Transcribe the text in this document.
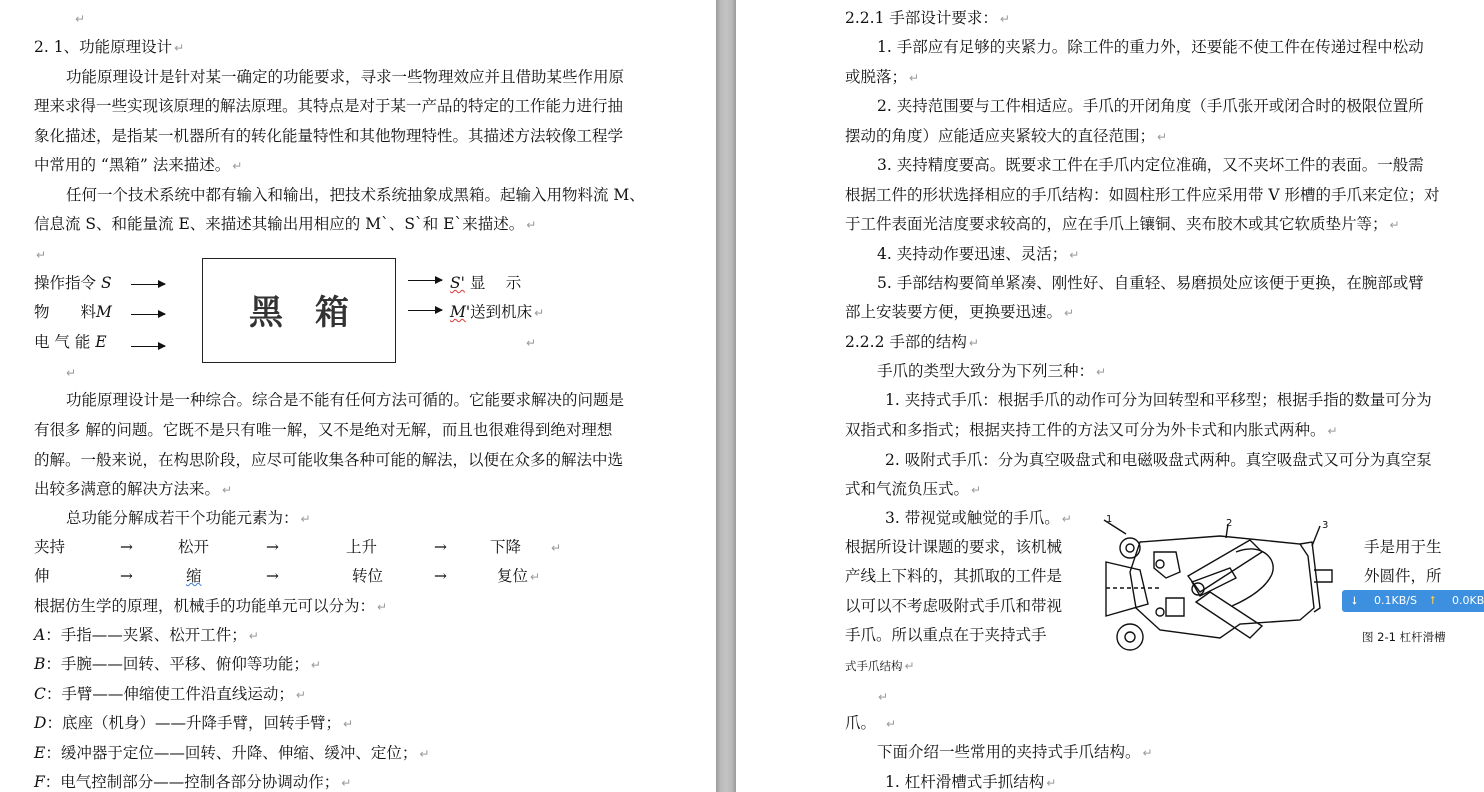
↵
2. 1、功能原理设计 ↵
功能原理设计是针对某一确定的功能要求，寻求一些物理效应并且借助某些作用原
理来求得一些实现该原理的解法原理。其特点是对于某一产品的特定的工作能力进行抽
象化描述，是指某一机器所有的转化能量特性和其他物理特性。其描述方法较像工程学
中常用的 “黑箱” 法来描述。 ↵
任何一个技术系统中都有输入和输出，把技术系统抽象成黑箱。起输入用物料流 M、
信息流 S、和能量流 E、来描述其输出用相应的 M`、S`和 E`来描述。 ↵
↵
操作指令 S
物　　料M
电 气 能 E
黑箱
S' 显　 示
M'送到机床 ↵
↵
↵
功能原理设计是一种综合。综合是不能有任何方法可循的。它能要求解决的问题是
有很多 解的问题。它既不是只有唯一解，又不是绝对无解，而且也很难得到绝对理想
的解。一般来说，在构思阶段，应尽可能收集各种可能的解法，以便在众多的解法中选
出较多满意的解决方法来。 ↵
总功能分解成若干个功能元素为： ↵
夹持	→	松开	→	上升	→	下降	↵
伸	→	缩	→	转位	→	复位 ↵
根据仿生学的原理，机械手的功能单元可以分为： ↵
A：手指——夹紧、松开工件； ↵
B：手腕——回转、平移、俯仰等功能； ↵
C：手臂——伸缩使工件沿直线运动； ↵
D：底座（机身）——升降手臂，回转手臂； ↵
E：缓冲器于定位——回转、升降、伸缩、缓冲、定位； ↵
F：电气控制部分——控制各部分协调动作； ↵
2.2.1 手部设计要求： ↵
1. 手部应有足够的夹紧力。除工件的重力外，还要能不使工件在传递过程中松动
或脱落； ↵
2. 夹持范围要与工件相适应。手爪的开闭角度（手爪张开或闭合时的极限位置所
摆动的角度）应能适应夹紧较大的直径范围； ↵
3. 夹持精度要高。既要求工件在手爪内定位准确，又不夹坏工件的表面。一般需
根据工件的形状选择相应的手爪结构：如圆柱形工件应采用带 V 形槽的手爪来定位；对
于工件表面光洁度要求较高的，应在手爪上镶铜、夹布胶木或其它软质垫片等； ↵
4. 夹持动作要迅速、灵活； ↵
5. 手部结构要简单紧凑、刚性好、自重轻、易磨损处应该便于更换，在腕部或臂
部上安装要方便，更换要迅速。 ↵
2.2.2 手部的结构 ↵
手爪的类型大致分为下列三种： ↵
1. 夹持式手爪：根据手爪的动作可分为回转型和平移型；根据手指的数量可分为
双指式和多指式；根据夹持工件的方法又可分为外卡式和内胀式两种。 ↵
2. 吸附式手爪：分为真空吸盘式和电磁吸盘式两种。真空吸盘式又可分为真空泵
式和气流负压式。 ↵
3. 带视觉或触觉的手爪。 ↵
根据所设计课题的要求，该机械
产线上下料的，其抓取的工件是
以可以不考虑吸附式手爪和带视
手爪。所以重点在于夹持式手
手是用于生
外圆件，所
1	2	3
图 2-1 杠杆滑槽
式手爪结构 ↵
↵
爪。 ↵
下面介绍一些常用的夹持式手爪结构。 ↵
1. 杠杆滑槽式手抓结构 ↵
⭣ 0.1KB/S ⭡ 0.0KB
